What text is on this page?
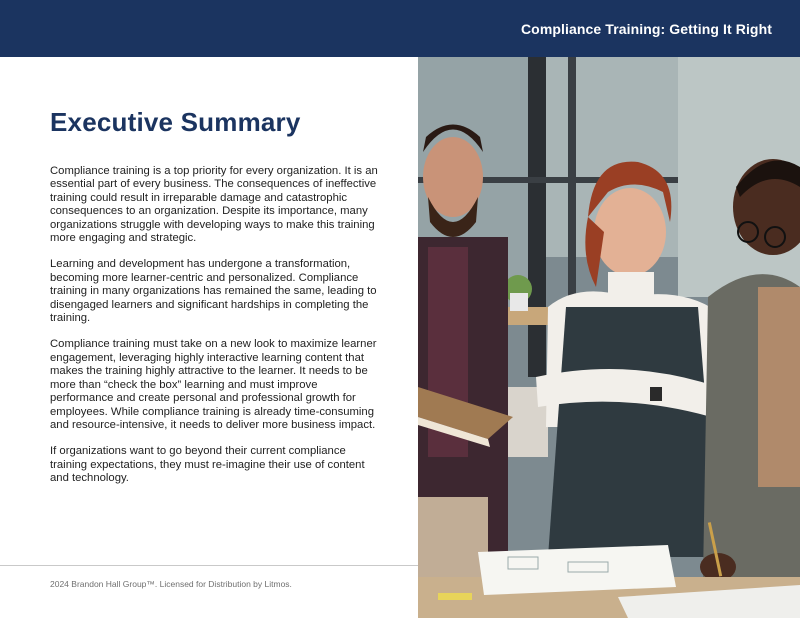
Compliance Training: Getting It Right
Executive Summary

Compliance training is a top priority for every organization. It is an essential part of every business. The consequences of ineffective training could result in irreparable damage and catastrophic consequences to an organization. Despite its importance, many organizations struggle with developing ways to make this training more engaging and strategic.

Learning and development has undergone a transformation, becoming more learner-centric and personalized. Compliance training in many organizations has remained the same, leading to disengaged learners and significant hardships in completing the training.

Compliance training must take on a new look to maximize learner engagement, leveraging highly interactive learning content that makes the training highly attractive to the learner. It needs to be more than “check the box” learning and must improve performance and create personal and professional growth for employees. While compliance training is already time-consuming and resource-intensive, it needs to deliver more business impact.

If organizations want to go beyond their current compliance training expectations, they must re-imagine their use of content and technology.

2024 Brandon Hall Group™. Licensed for Distribution by Litmos.
